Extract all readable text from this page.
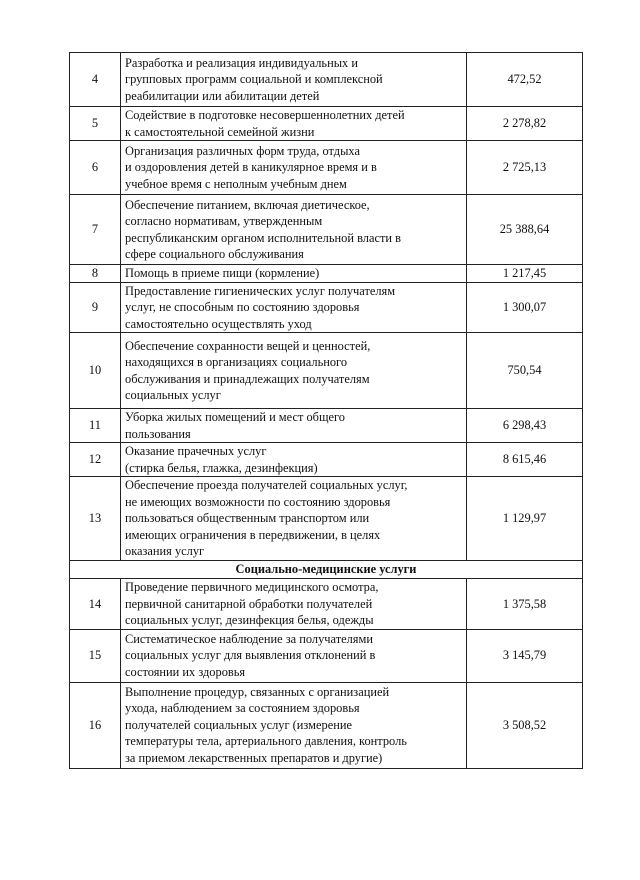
4	Разработка и реализация индивидуальных и
групповых программ социальной и комплексной
реабилитации или абилитации детей	472,52
5	Содействие в подготовке несовершеннолетних детей
к самостоятельной семейной жизни	2 278,82
6	Организация различных форм труда, отдыха
и оздоровления детей в каникулярное время и в
учебное время с неполным учебным днем	2 725,13
7	Обеспечение питанием, включая диетическое,
согласно нормативам, утвержденным
республиканским органом исполнительной власти в
сфере социального обслуживания	25 388,64
8	Помощь в приеме пищи (кормление)	1 217,45
9	Предоставление гигиенических услуг получателям
услуг, не способным по состоянию здоровья
самостоятельно осуществлять уход	1 300,07
10	Обеспечение сохранности вещей и ценностей,
находящихся в организациях социального
обслуживания и принадлежащих получателям
социальных услуг	750,54
11	Уборка жилых помещений и мест общего
пользования	6 298,43
12	Оказание прачечных услуг
(стирка белья, глажка, дезинфекция)	8 615,46
13	Обеспечение проезда получателей социальных услуг,
не имеющих возможности по состоянию здоровья
пользоваться общественным транспортом или
имеющих ограничения в передвижении, в целях
оказания услуг	1 129,97
Социально-медицинские услуги		
14	Проведение первичного медицинского осмотра,
первичной санитарной обработки получателей
социальных услуг, дезинфекция белья, одежды	1 375,58
15	Систематическое наблюдение за получателями
социальных услуг для выявления отклонений в
состоянии их здоровья	3 145,79
16	Выполнение процедур, связанных с организацией
ухода, наблюдением за состоянием здоровья
получателей социальных услуг (измерение
температуры тела, артериального давления, контроль
за приемом лекарственных препаратов и другие)	3 508,52
